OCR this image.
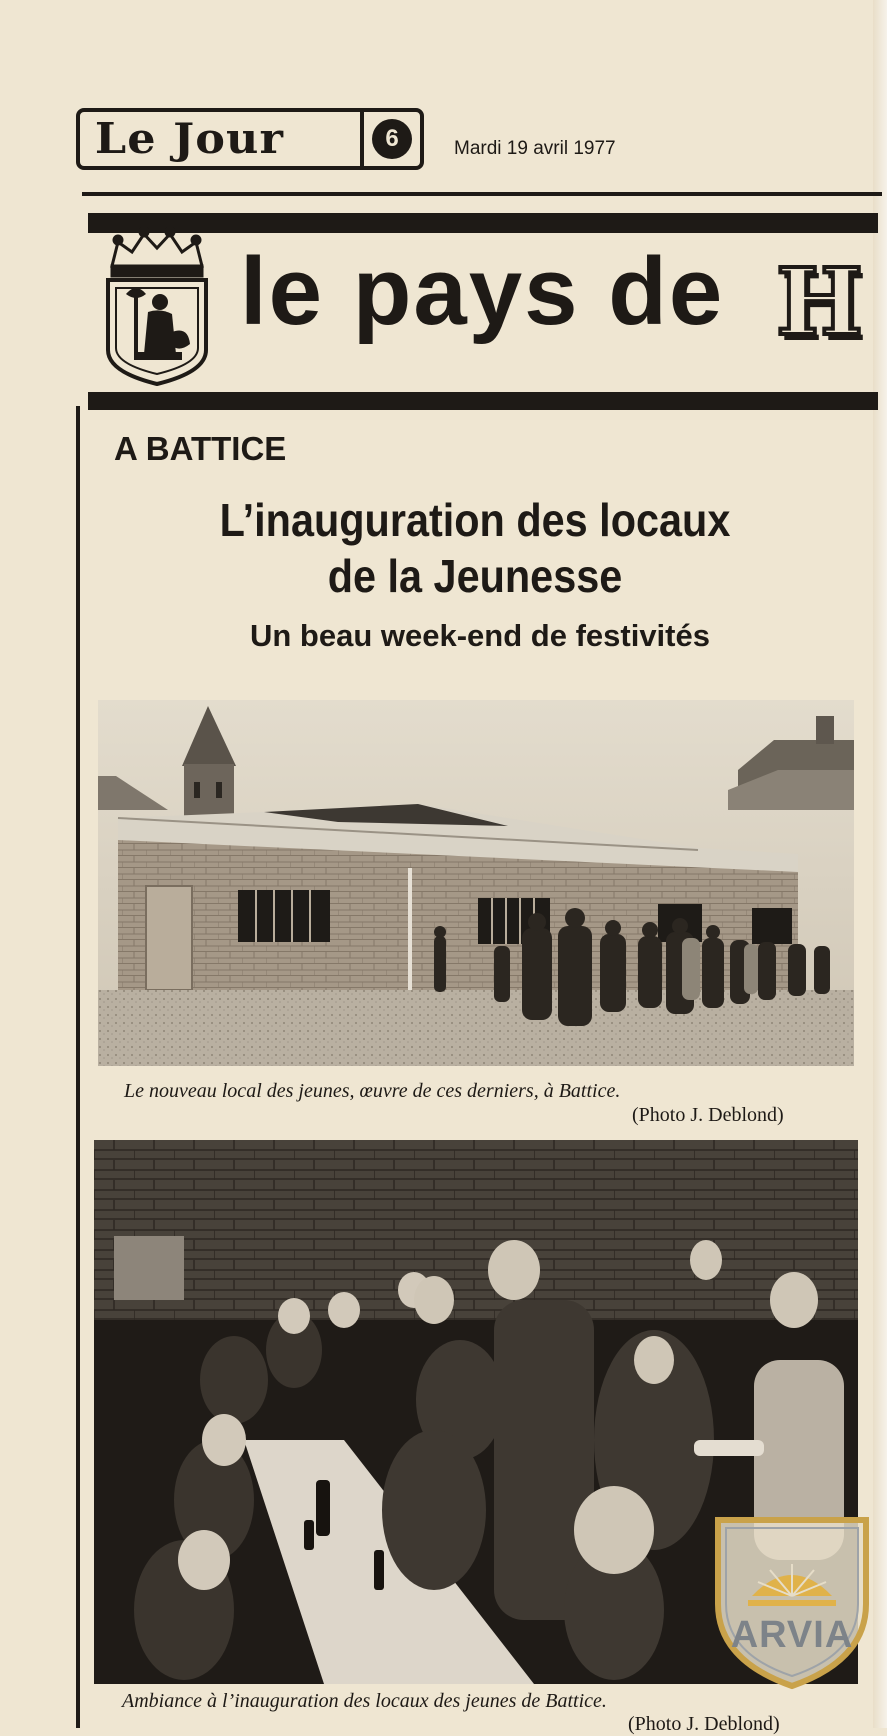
Le Jour	6	Mardi 19 avril 1977
le pays de H
A BATTICE
L’inauguration des locaux
de la Jeunesse
Un beau week-end de festivités
Le nouveau local des jeunes, œuvre de ces derniers, à Battice.
(Photo J. Deblond)
Ambiance à l’inauguration des locaux des jeunes de Battice.
(Photo J. Deblond)
ARVIA
